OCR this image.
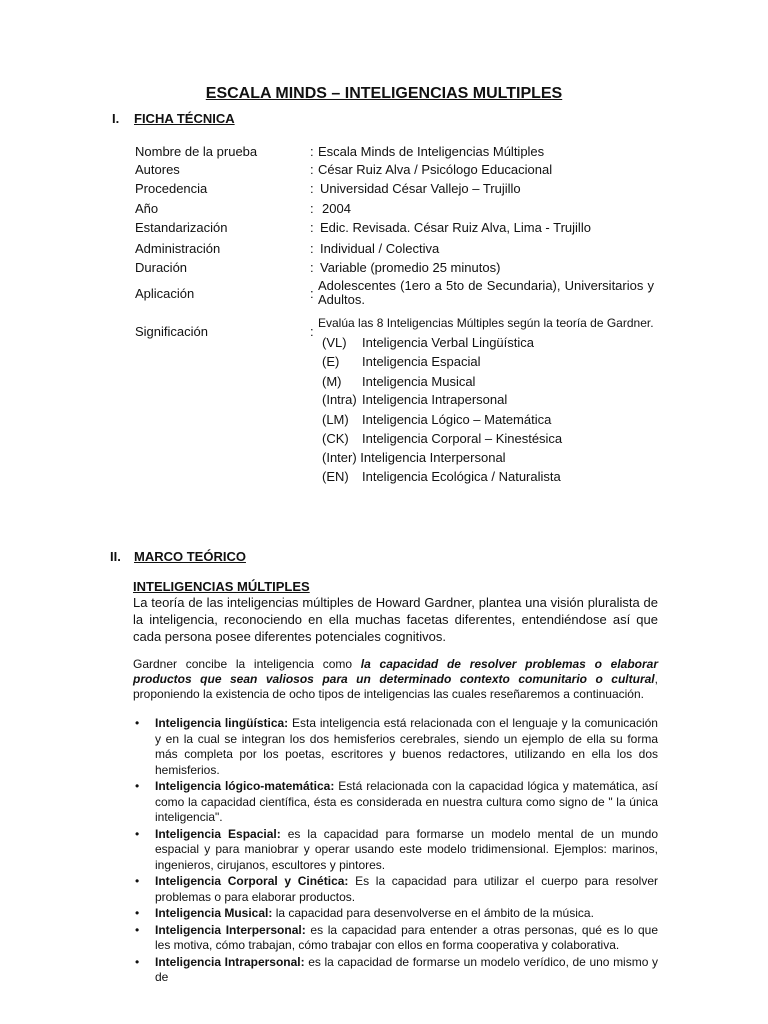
ESCALA MINDS – INTELIGENCIAS MULTIPLES
I. FICHA TÉCNICA
Nombre de la prueba	: Escala Minds de Inteligencias Múltiples
Autores	: César Ruiz Alva / Psicólogo Educacional
Procedencia	: Universidad César Vallejo – Trujillo
Año	: 2004
Estandarización	: Edic. Revisada. César Ruiz Alva, Lima - Trujillo
Administración	: Individual / Colectiva
Duración	: Variable (promedio 25 minutos)
Aplicación	:
Adolescentes (1ero a 5to de Secundaria), Universitarios y Adultos.
Significación	:
Evalúa las 8 Inteligencias Múltiples según la teoría de Gardner.
(VL) Inteligencia Verbal Lingüística
(E) Inteligencia Espacial
(M) Inteligencia Musical
(Intra) Inteligencia Intrapersonal
(LM) Inteligencia Lógico – Matemática
(CK) Inteligencia Corporal – Kinestésica
(Inter) Inteligencia Interpersonal
(EN) Inteligencia Ecológica / Naturalista
II. MARCO TEÓRICO
INTELIGENCIAS MÚLTIPLES
La teoría de las inteligencias múltiples de Howard Gardner, plantea una visión pluralista de la inteligencia, reconociendo en ella muchas facetas diferentes, entendiéndose así que cada persona posee diferentes potenciales cognitivos.
Gardner concibe la inteligencia como la capacidad de resolver problemas o elaborar productos que sean valiosos para un determinado contexto comunitario o cultural, proponiendo la existencia de ocho tipos de inteligencias las cuales reseñaremos a continuación.
• Inteligencia lingüística: Esta inteligencia está relacionada con el lenguaje y la comunicación y en la cual se integran los dos hemisferios cerebrales, siendo un ejemplo de ella su forma más completa por los poetas, escritores y buenos redactores, utilizando en ella los dos hemisferios.
• Inteligencia lógico-matemática: Está relacionada con la capacidad lógica y matemática, así como la capacidad científica, ésta es considerada en nuestra cultura como signo de " la única inteligencia".
• Inteligencia Espacial: es la capacidad para formarse un modelo mental de un mundo espacial y para maniobrar y operar usando este modelo tridimensional. Ejemplos: marinos, ingenieros, cirujanos, escultores y pintores.
• Inteligencia Corporal y Cinética: Es la capacidad para utilizar el cuerpo para resolver problemas o para elaborar productos.
• Inteligencia Musical: la capacidad para desenvolverse en el ámbito de la música.
• Inteligencia Interpersonal: es la capacidad para entender a otras personas, qué es lo que les motiva, cómo trabajan, cómo trabajar con ellos en forma cooperativa y colaborativa.
• Inteligencia Intrapersonal: es la capacidad de formarse un modelo verídico, de uno mismo y de
